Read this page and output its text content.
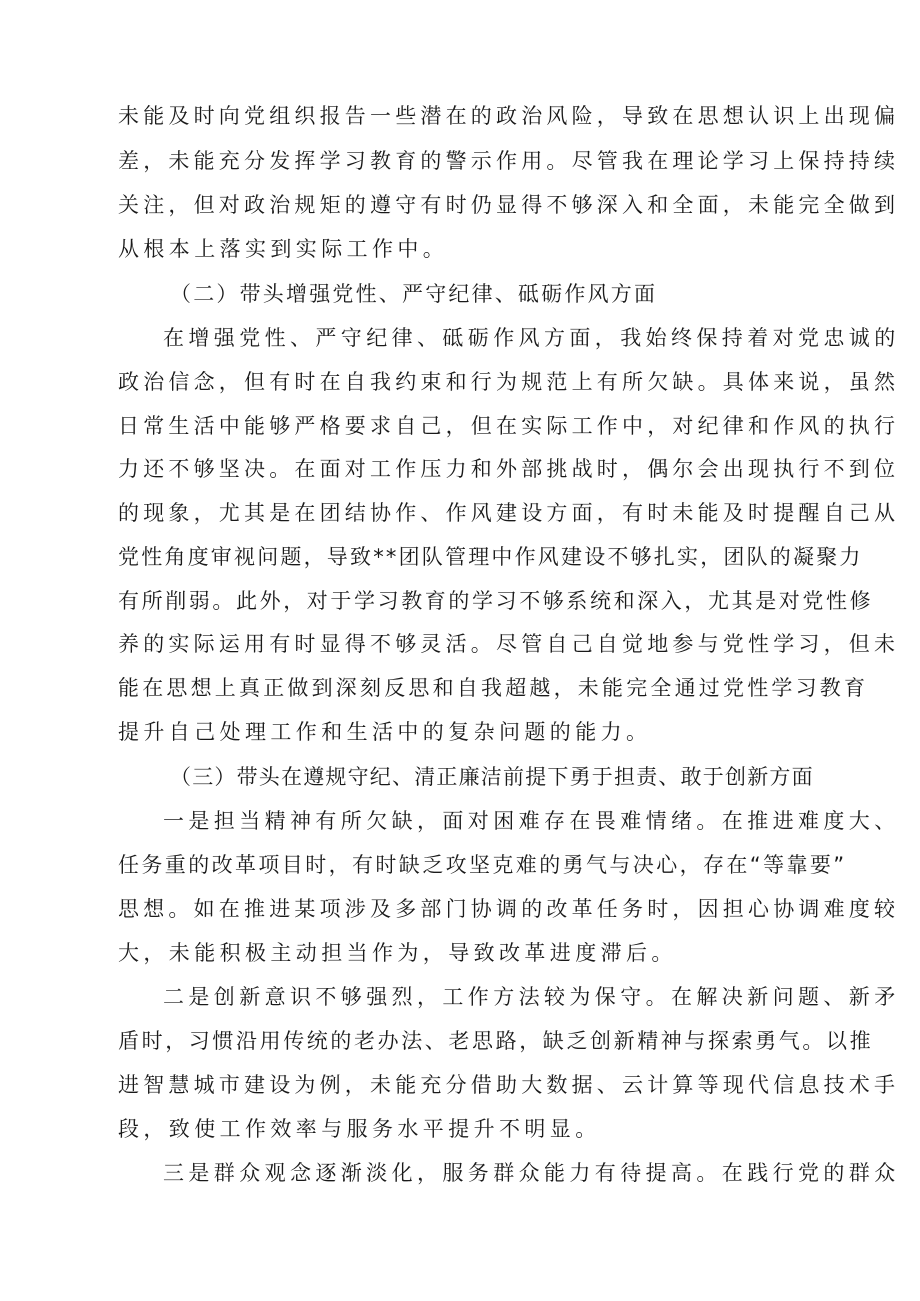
未能及时向党组织报告一些潜在的政治风险，导致在思想认识上出现偏
差，未能充分发挥学习教育的警示作用。尽管我在理论学习上保持持续
关注，但对政治规矩的遵守有时仍显得不够深入和全面，未能完全做到
从根本上落实到实际工作中。
（二）带头增强党性、严守纪律、砥砺作风方面
在增强党性、严守纪律、砥砺作风方面，我始终保持着对党忠诚的
政治信念，但有时在自我约束和行为规范上有所欠缺。具体来说，虽然
日常生活中能够严格要求自己，但在实际工作中，对纪律和作风的执行
力还不够坚决。在面对工作压力和外部挑战时，偶尔会出现执行不到位
的现象，尤其是在团结协作、作风建设方面，有时未能及时提醒自己从
党性角度审视问题，导致**团队管理中作风建设不够扎实，团队的凝聚力
有所削弱。此外，对于学习教育的学习不够系统和深入，尤其是对党性修
养的实际运用有时显得不够灵活。尽管自己自觉地参与党性学习，但未
能在思想上真正做到深刻反思和自我超越，未能完全通过党性学习教育
提升自己处理工作和生活中的复杂问题的能力。
（三）带头在遵规守纪、清正廉洁前提下勇于担责、敢于创新方面
一是担当精神有所欠缺，面对困难存在畏难情绪。在推进难度大、
任务重的改革项目时，有时缺乏攻坚克难的勇气与决心，存在“等靠要”
思想。如在推进某项涉及多部门协调的改革任务时，因担心协调难度较
大，未能积极主动担当作为，导致改革进度滞后。
二是创新意识不够强烈，工作方法较为保守。在解决新问题、新矛
盾时，习惯沿用传统的老办法、老思路，缺乏创新精神与探索勇气。以推
进智慧城市建设为例，未能充分借助大数据、云计算等现代信息技术手
段，致使工作效率与服务水平提升不明显。
三是群众观念逐渐淡化，服务群众能力有待提高。在践行党的群众
